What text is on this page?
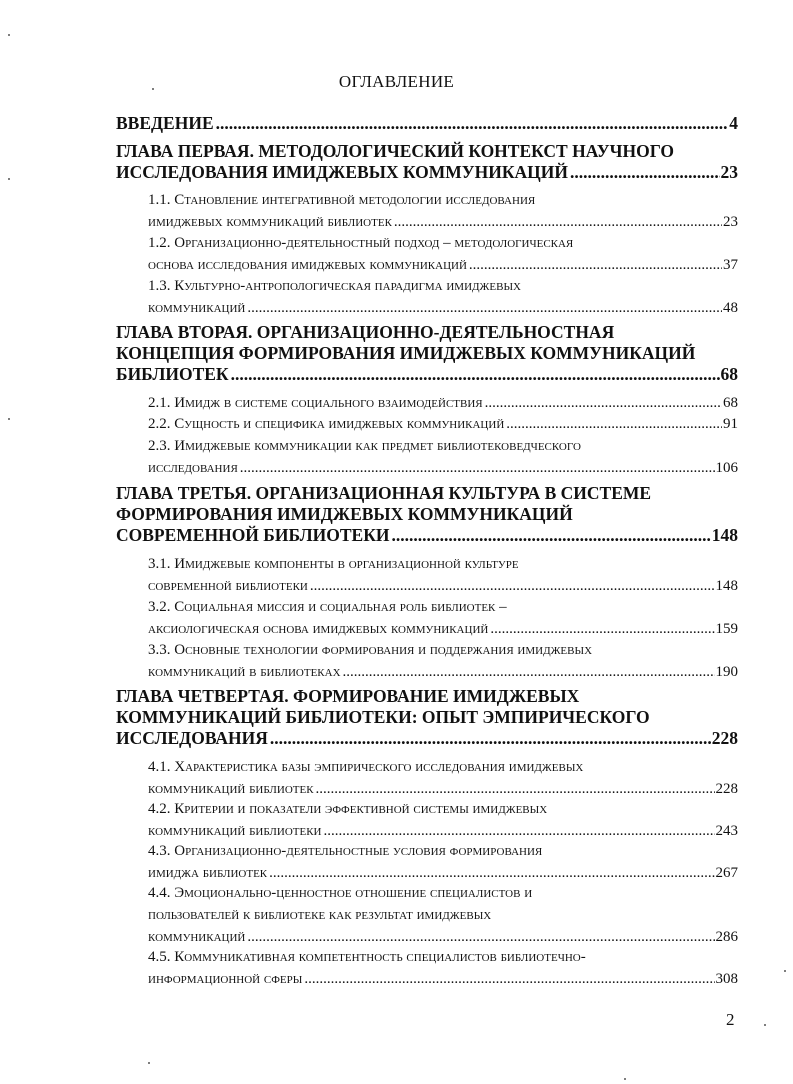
ОГЛАВЛЕНИЕ
ВВЕДЕНИЕ .....	4
ГЛАВА ПЕРВАЯ. МЕТОДОЛОГИЧЕСКИЙ КОНТЕКСТ НАУЧНОГО
ИССЛЕДОВАНИЯ ИМИДЖЕВЫХ КОММУНИКАЦИЙ .....	23
1.1. Становление интегративной методологии исследования
имиджевых коммуникаций библиотек .....	23
1.2. Организационно-деятельностный подход – методологическая
основа исследования имиджевых коммуникаций .....	37
1.3. Культурно-антропологическая парадигма имиджевых
коммуникаций .....	48
ГЛАВА ВТОРАЯ. ОРГАНИЗАЦИОННО-ДЕЯТЕЛЬНОСТНАЯ
КОНЦЕПЦИЯ ФОРМИРОВАНИЯ ИМИДЖЕВЫХ КОММУНИКАЦИЙ
БИБЛИОТЕК .....	68
2.1. Имидж в системе социального взаимодействия .....	68
2.2. Сущность и специфика имиджевых коммуникаций .....	91
2.3. Имиджевые коммуникации как предмет библиотековедческого
исследования .....	106
ГЛАВА ТРЕТЬЯ. ОРГАНИЗАЦИОННАЯ КУЛЬТУРА В СИСТЕМЕ
ФОРМИРОВАНИЯ ИМИДЖЕВЫХ КОММУНИКАЦИЙ
СОВРЕМЕННОЙ БИБЛИОТЕКИ .....	148
3.1. Имиджевые компоненты в организационной культуре
современной библиотеки .....	148
3.2. Социальная миссия и социальная роль библиотек –
аксиологическая основа имиджевых коммуникаций .....	159
3.3. Основные технологии формирования и поддержания имиджевых
коммуникаций в библиотеках .....	190
ГЛАВА ЧЕТВЕРТАЯ. ФОРМИРОВАНИЕ ИМИДЖЕВЫХ
КОММУНИКАЦИЙ БИБЛИОТЕКИ: ОПЫТ ЭМПИРИЧЕСКОГО
ИССЛЕДОВАНИЯ .....	228
4.1. Характеристика базы эмпирического исследования имиджевых
коммуникаций библиотек .....	228
4.2. Критерии и показатели эффективной системы имиджевых
коммуникаций библиотеки .....	243
4.3. Организационно-деятельностные условия формирования
имиджа библиотек .....	267
4.4. Эмоционально-ценностное отношение специалистов и
пользователей к библиотеке как результат имиджевых
коммуникаций .....	286
4.5. Коммуникативная компетентность специалистов библиотечно-
информационной сферы .....	308
2
